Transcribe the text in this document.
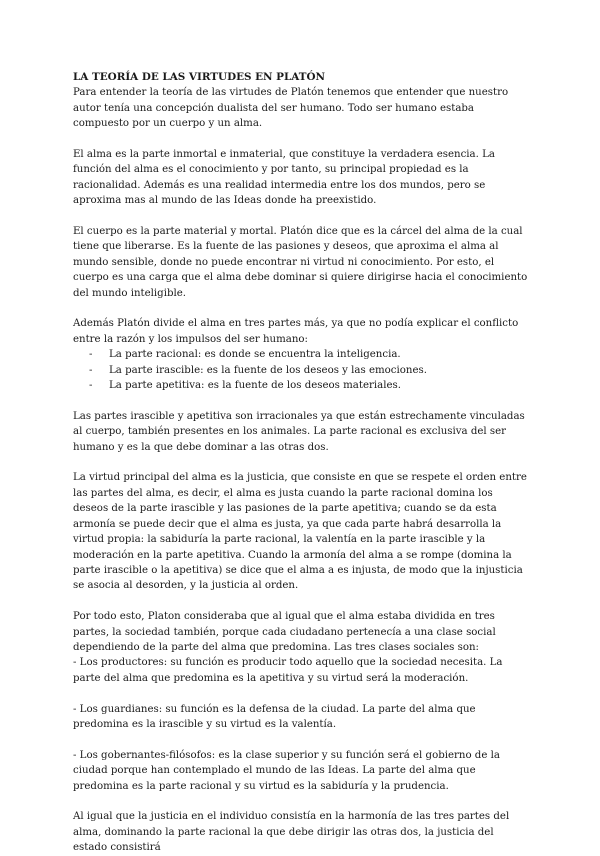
LA TEORÍA DE LAS VIRTUDES EN PLATÓN

Para entender la teoría de las virtudes de Platón tenemos que entender que nuestro autor tenía una concepción dualista del ser humano. Todo ser humano estaba compuesto por un cuerpo y un alma.

El alma es la parte inmortal e inmaterial, que constituye la verdadera esencia. La función del alma es el conocimiento y por tanto, su principal propiedad es la racionalidad. Además es una realidad intermedia entre los dos mundos, pero se aproxima mas al mundo de las Ideas donde ha preexistido.

El cuerpo es la parte material y mortal. Platón dice que es la cárcel del alma de la cual tiene que liberarse. Es la fuente de las pasiones y deseos, que aproxima el alma al mundo sensible, donde no puede encontrar ni virtud ni conocimiento. Por esto, el cuerpo es una carga que el alma debe dominar si quiere dirigirse hacia el conocimiento del mundo inteligible.

Además Platón divide el alma en tres partes más, ya que no podía explicar el conflicto entre la razón y los impulsos del ser humano:

- La parte racional: es donde se encuentra la inteligencia.
- La parte irascible: es la fuente de los deseos y las emociones.
- La parte apetitiva: es la fuente de los deseos materiales.

Las partes irascible y apetitiva son irracionales ya que están estrechamente vinculadas al cuerpo, también presentes en los animales. La parte racional es exclusiva del ser humano y es la que debe dominar a las otras dos.

La virtud principal del alma es la justicia, que consiste en que se respete el orden entre las partes del alma, es decir, el alma es justa cuando la parte racional domina los deseos de la parte irascible y las pasiones de la parte apetitiva; cuando se da esta armonía se puede decir que el alma es justa, ya que cada parte habrá desarrolla la virtud propia: la sabiduría la parte racional, la valentía en la parte irascible y la moderación en la parte apetitiva. Cuando la armonía del alma a se rompe (domina la parte irascible o la apetitiva) se dice que el alma a es injusta, de modo que la injusticia se asocia al desorden, y la justicia al orden.

Por todo esto, Platon consideraba que al igual que el alma estaba dividida en tres partes, la sociedad también, porque cada ciudadano pertenecía a una clase social dependiendo de la parte del alma que predomina. Las tres clases sociales son:

- Los productores: su función es producir todo aquello que la sociedad necesita. La parte del alma que predomina es la apetitiva y su virtud será la moderación.

- Los guardianes: su función es la defensa de la ciudad. La parte del alma que predomina es la irascible y su virtud es la valentía.

- Los gobernantes-filósofos: es la clase superior y su función será el gobierno de la ciudad porque han contemplado el mundo de las Ideas. La parte del alma que predomina es la parte racional y su virtud es la sabiduría y la prudencia.

Al igual que la justicia en el individuo consistía en la harmonía de las tres partes del alma, dominando la parte racional la que debe dirigir las otras dos, la justicia del estado consistirá
